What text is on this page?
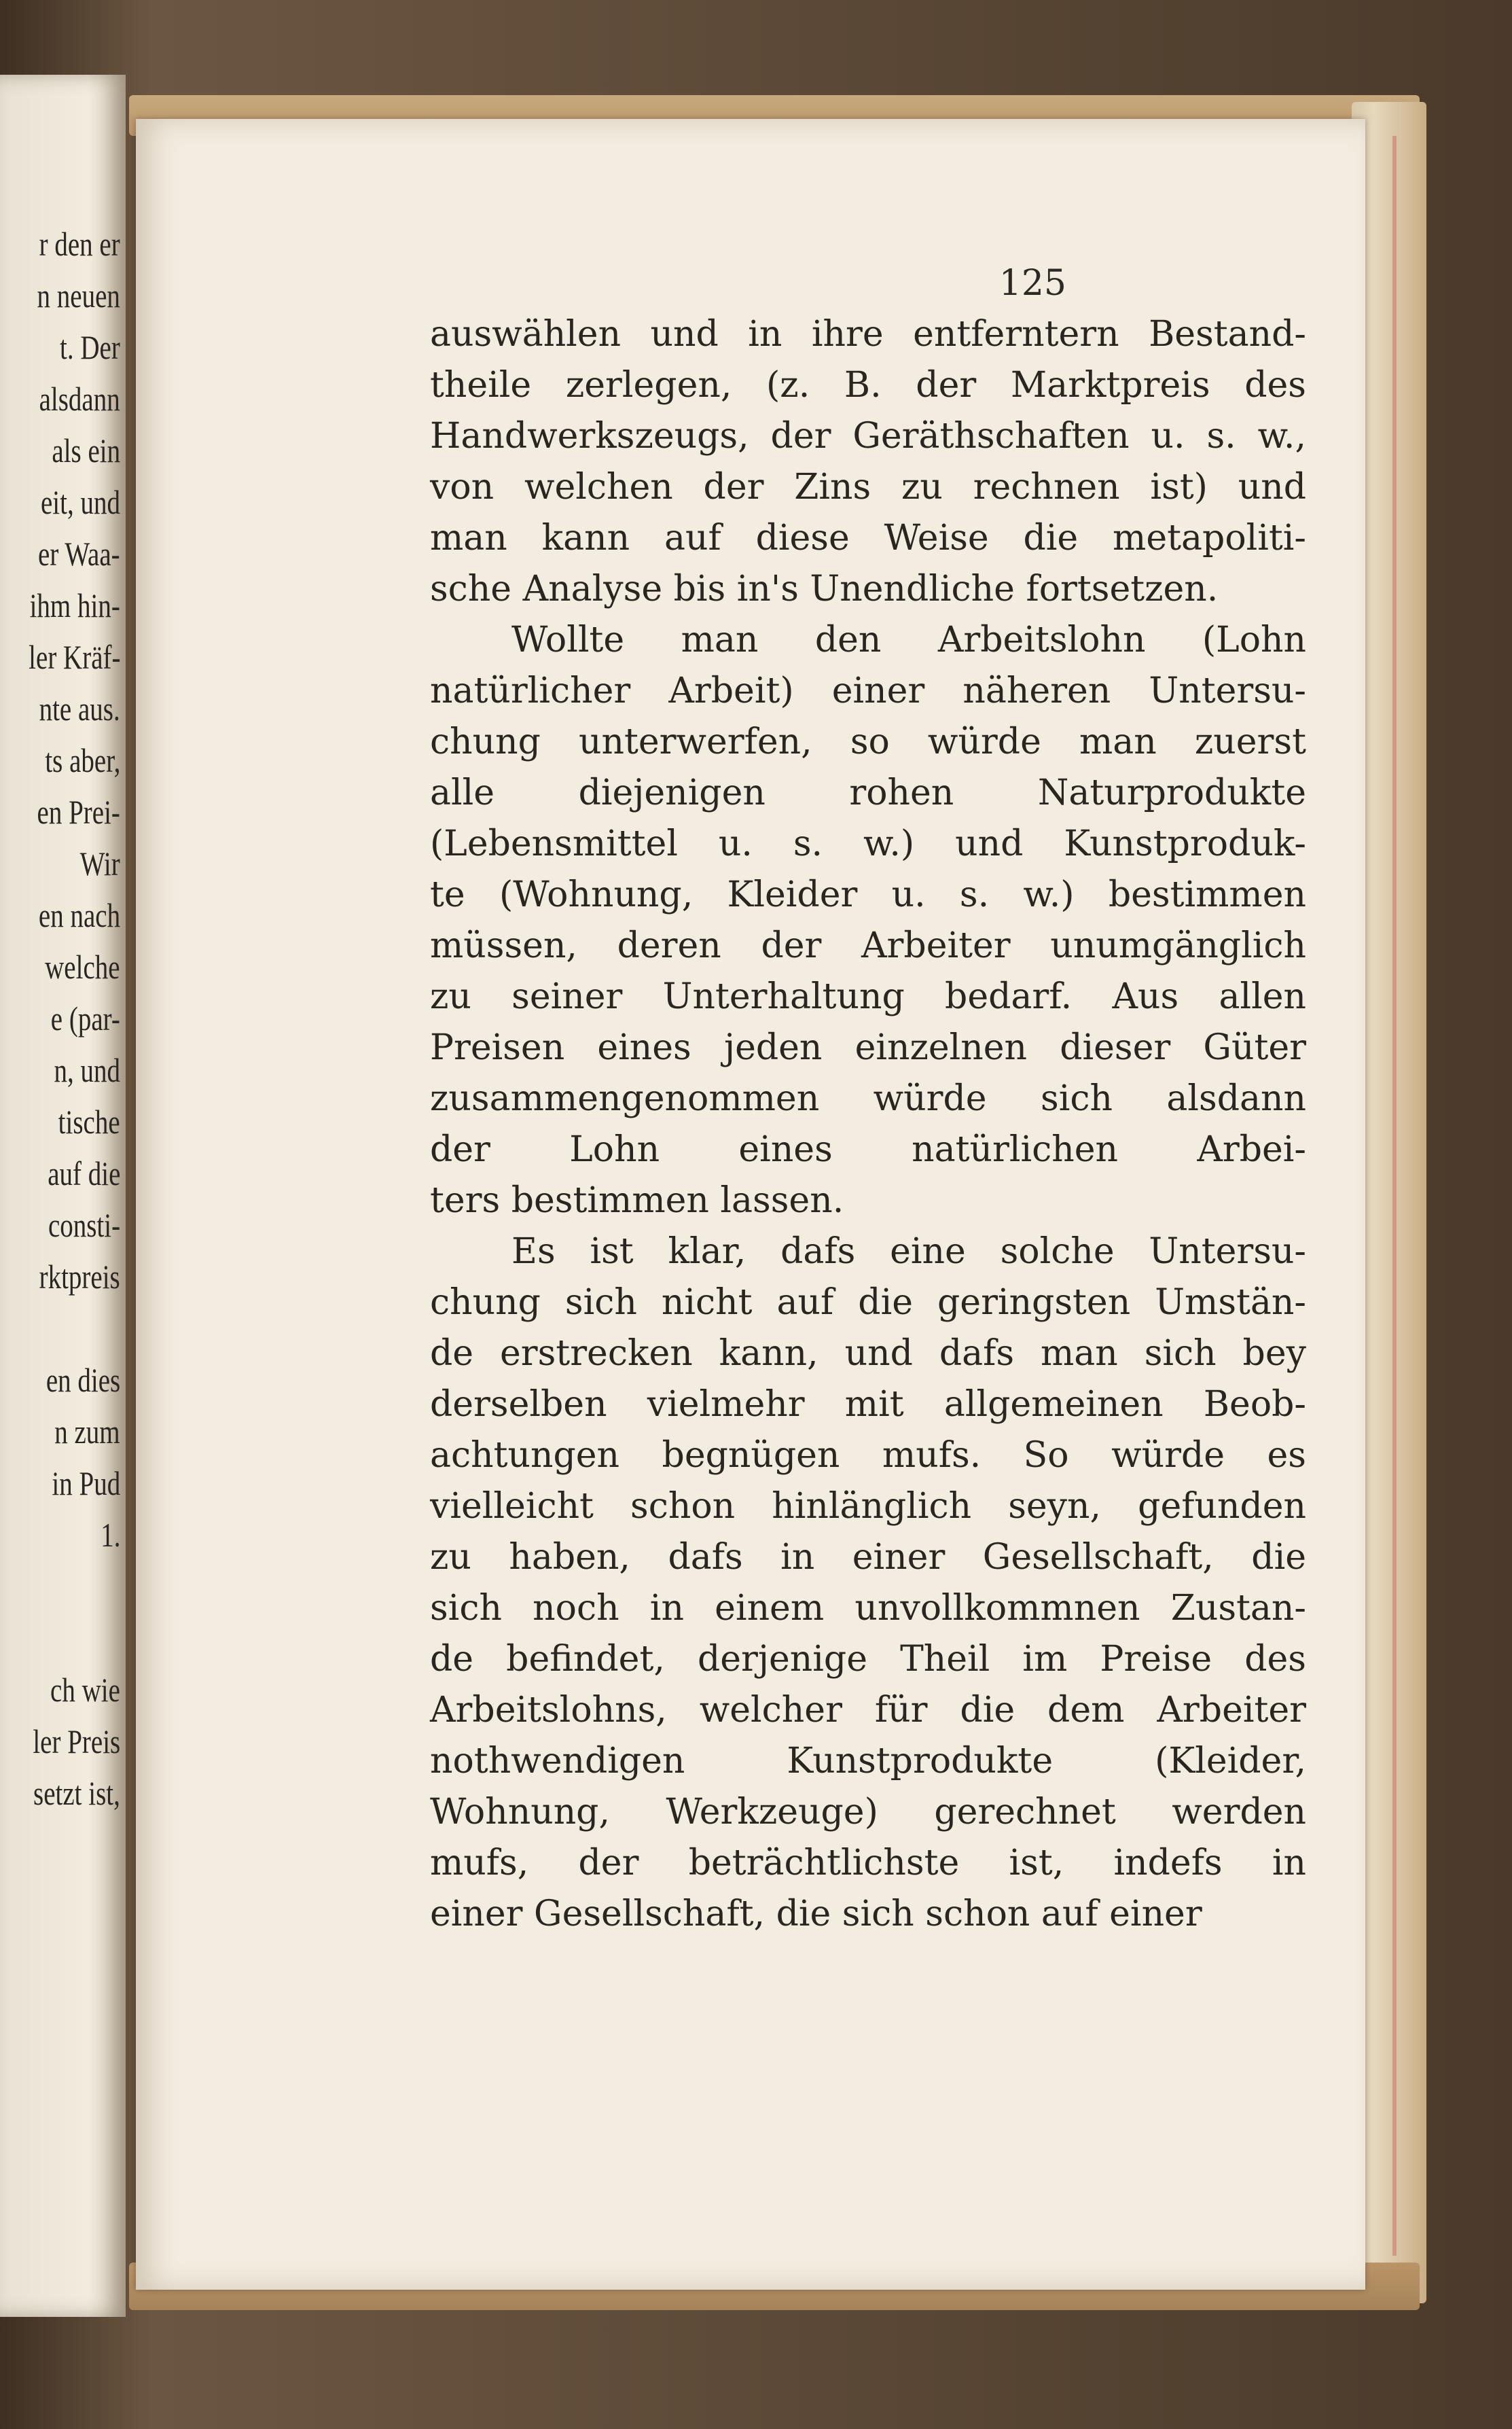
r den er
n neuen
t. Der
alsdann
als ein
eit, und
er Waa-
ihm hin-
ler Kräf-
nte aus.
ts aber,
en Prei-
Wir
en nach
welche
e (par-
n, und
tische
auf die
consti-
rktpreis
en dies
n zum
in Pud
1.
ch wie
ler Preis
setzt ist,
125
auswählen und in ihre entferntern Bestand-
theile zerlegen, (z. B. der Marktpreis des
Handwerkszeugs, der Geräthschaften u. s. w.,
von welchen der Zins zu rechnen ist) und
man kann auf diese Weise die metapoliti-
sche Analyse bis in's Unendliche fortsetzen.
Wollte man den Arbeitslohn (Lohn
natürlicher Arbeit) einer näheren Untersu-
chung unterwerfen, so würde man zuerst
alle diejenigen rohen Naturprodukte
(Lebensmittel u. s. w.) und Kunstproduk-
te (Wohnung, Kleider u. s. w.) bestimmen
müssen, deren der Arbeiter unumgänglich
zu seiner Unterhaltung bedarf. Aus allen
Preisen eines jeden einzelnen dieser Güter
zusammengenommen würde sich alsdann
der Lohn eines natürlichen Arbei-
ters bestimmen lassen.
Es ist klar, dafs eine solche Untersu-
chung sich nicht auf die geringsten Umstän-
de erstrecken kann, und dafs man sich bey
derselben vielmehr mit allgemeinen Beob-
achtungen begnügen mufs. So würde es
vielleicht schon hinlänglich seyn, gefunden
zu haben, dafs in einer Gesellschaft, die
sich noch in einem unvollkommnen Zustan-
de befindet, derjenige Theil im Preise des
Arbeitslohns, welcher für die dem Arbeiter
nothwendigen Kunstprodukte (Kleider,
Wohnung, Werkzeuge) gerechnet werden
mufs, der beträchtlichste ist, indefs in
einer Gesellschaft, die sich schon auf einer
